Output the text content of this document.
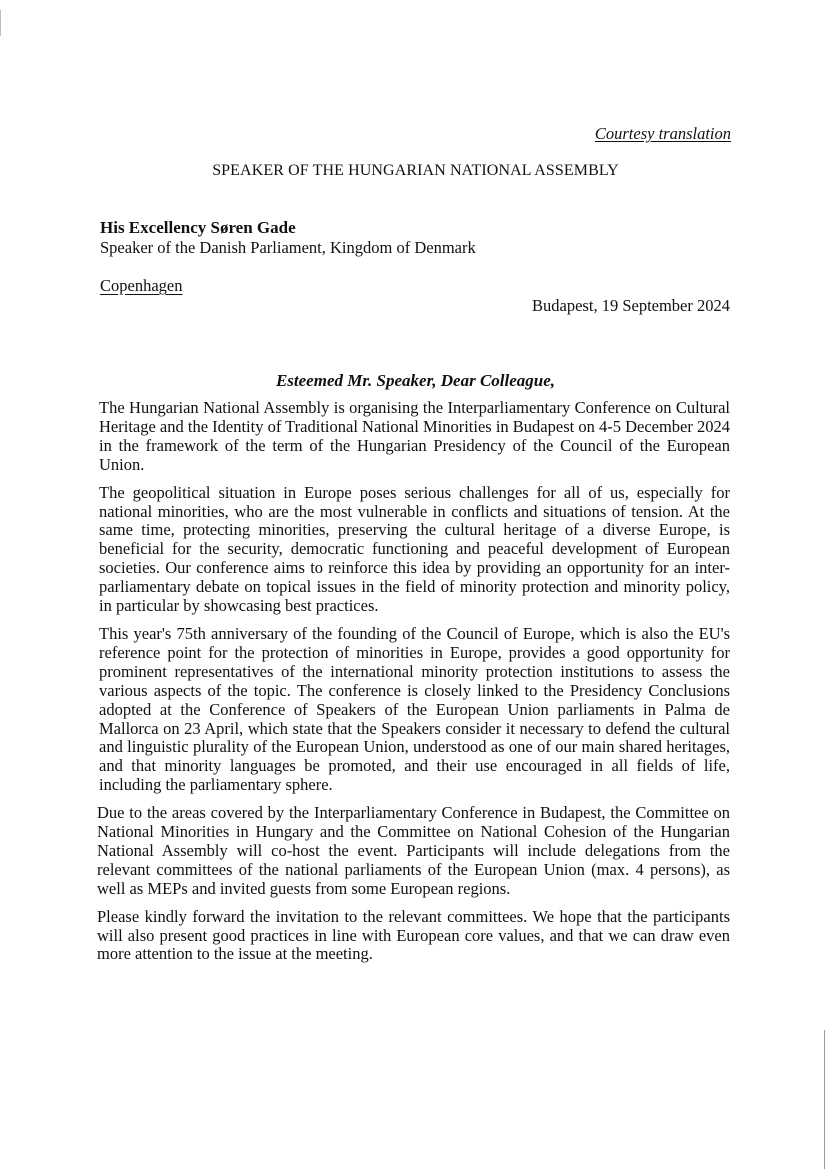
Courtesy translation
SPEAKER OF THE HUNGARIAN NATIONAL ASSEMBLY
His Excellency Søren Gade
Speaker of the Danish Parliament, Kingdom of Denmark
Copenhagen
Budapest, 19 September 2024
Esteemed Mr. Speaker, Dear Colleague,

The Hungarian National Assembly is organising the Interparliamentary Conference on Cultural Heritage and the Identity of Traditional National Minorities in Budapest on 4-5 December 2024 in the framework of the term of the Hungarian Presidency of the Council of the European Union.

The geopolitical situation in Europe poses serious challenges for all of us, especially for national minorities, who are the most vulnerable in conflicts and situations of tension. At the same time, protecting minorities, preserving the cultural heritage of a diverse Europe, is beneficial for the security, democratic functioning and peaceful development of European societies. Our conference aims to reinforce this idea by providing an opportunity for an inter-parliamentary debate on topical issues in the field of minority protection and minority policy, in particular by showcasing best practices.

This year's 75th anniversary of the founding of the Council of Europe, which is also the EU's reference point for the protection of minorities in Europe, provides a good opportunity for prominent representatives of the international minority protection institutions to assess the various aspects of the topic. The conference is closely linked to the Presidency Conclusions adopted at the Conference of Speakers of the European Union parliaments in Palma de Mallorca on 23 April, which state that the Speakers consider it necessary to defend the cultural and linguistic plurality of the European Union, understood as one of our main shared heritages, and that minority languages be promoted, and their use encouraged in all fields of life, including the parliamentary sphere.

Due to the areas covered by the Interparliamentary Conference in Budapest, the Committee on National Minorities in Hungary and the Committee on National Cohesion of the Hungarian National Assembly will co-host the event. Participants will include delegations from the relevant committees of the national parliaments of the European Union (max. 4 persons), as well as MEPs and invited guests from some European regions.

Please kindly forward the invitation to the relevant committees. We hope that the participants will also present good practices in line with European core values, and that we can draw even more attention to the issue at the meeting.
